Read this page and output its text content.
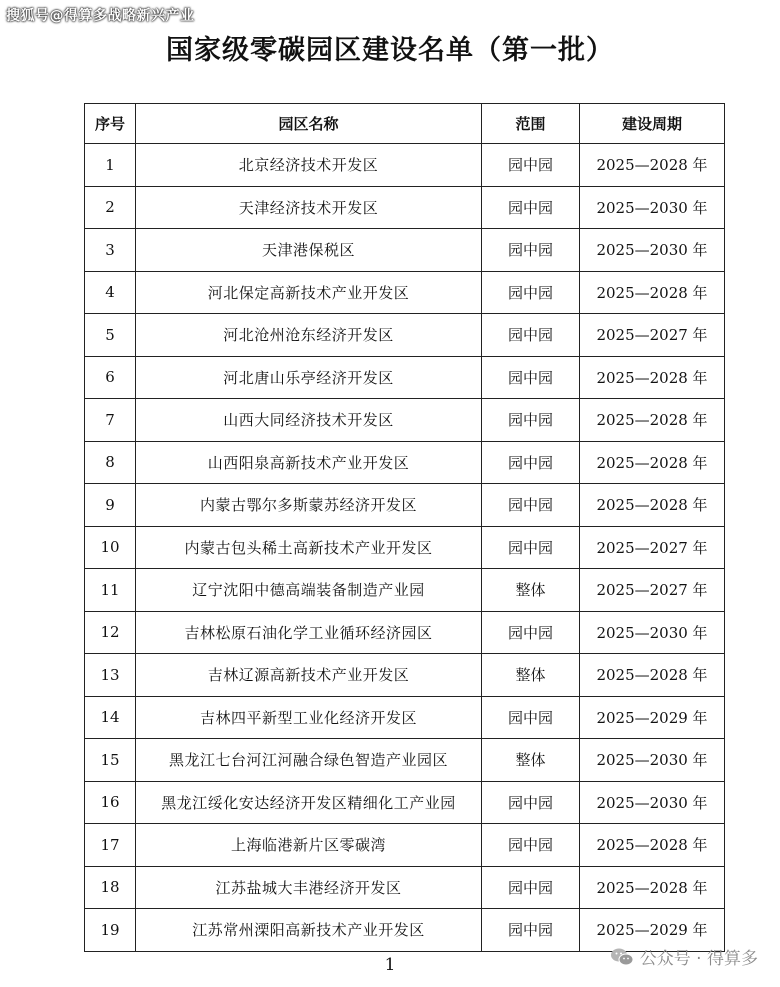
搜狐号@得算多战略新兴产业
国家级零碳园区建设名单（第一批）
序号	园区名称	范围	建设周期
1	北京经济技术开发区	园中园	2025—2028 年
2	天津经济技术开发区	园中园	2025—2030 年
3	天津港保税区	园中园	2025—2030 年
4	河北保定高新技术产业开发区	园中园	2025—2028 年
5	河北沧州沧东经济开发区	园中园	2025—2027 年
6	河北唐山乐亭经济开发区	园中园	2025—2028 年
7	山西大同经济技术开发区	园中园	2025—2028 年
8	山西阳泉高新技术产业开发区	园中园	2025—2028 年
9	内蒙古鄂尔多斯蒙苏经济开发区	园中园	2025—2028 年
10	内蒙古包头稀土高新技术产业开发区	园中园	2025—2027 年
11	辽宁沈阳中德高端装备制造产业园	整体	2025—2027 年
12	吉林松原石油化学工业循环经济园区	园中园	2025—2030 年
13	吉林辽源高新技术产业开发区	整体	2025—2028 年
14	吉林四平新型工业化经济开发区	园中园	2025—2029 年
15	黑龙江七台河江河融合绿色智造产业园区	整体	2025—2030 年
16	黑龙江绥化安达经济开发区精细化工产业园	园中园	2025—2030 年
17	上海临港新片区零碳湾	园中园	2025—2028 年
18	江苏盐城大丰港经济开发区	园中园	2025—2028 年
19	江苏常州溧阳高新技术产业开发区	园中园	2025—2029 年
1	公众号 · 得算多
